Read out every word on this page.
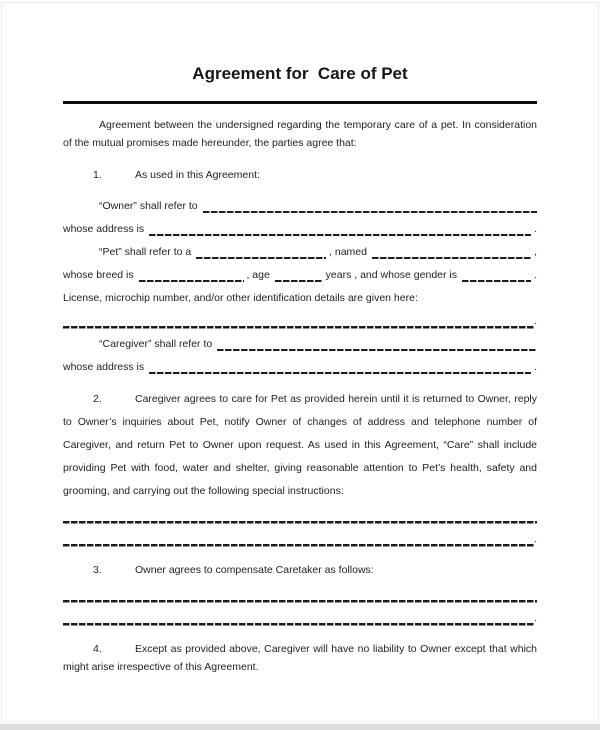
Agreement for  Care of Pet

Agreement between the undersigned regarding the temporary care of a pet. In consideration of the mutual promises made hereunder, the parties agree that:

1.	As used in this Agreement:

“Owner” shall refer to
whose address is	.
“Pet” shall refer to a	, named	,
whose breed is	, age	years , and whose gender is	.
License, microchip number, and/or other identification details are given here:
.
“Caregiver” shall refer to
whose address is	.

2.	Caregiver agrees to care for Pet as provided herein until it is returned to Owner, reply to Owner’s inquiries about Pet, notify Owner of changes of address and telephone number of Caregiver, and return Pet to Owner upon request. As used in this Agreement, “Care” shall include providing Pet with food, water and shelter, giving reasonable attention to Pet’s health, safety and grooming, and carrying out the following special instructions:

.

3.	Owner agrees to compensate Caretaker as follows:

.

4.	Except as provided above, Caregiver will have no liability to Owner except that which might arise irrespective of this Agreement.
